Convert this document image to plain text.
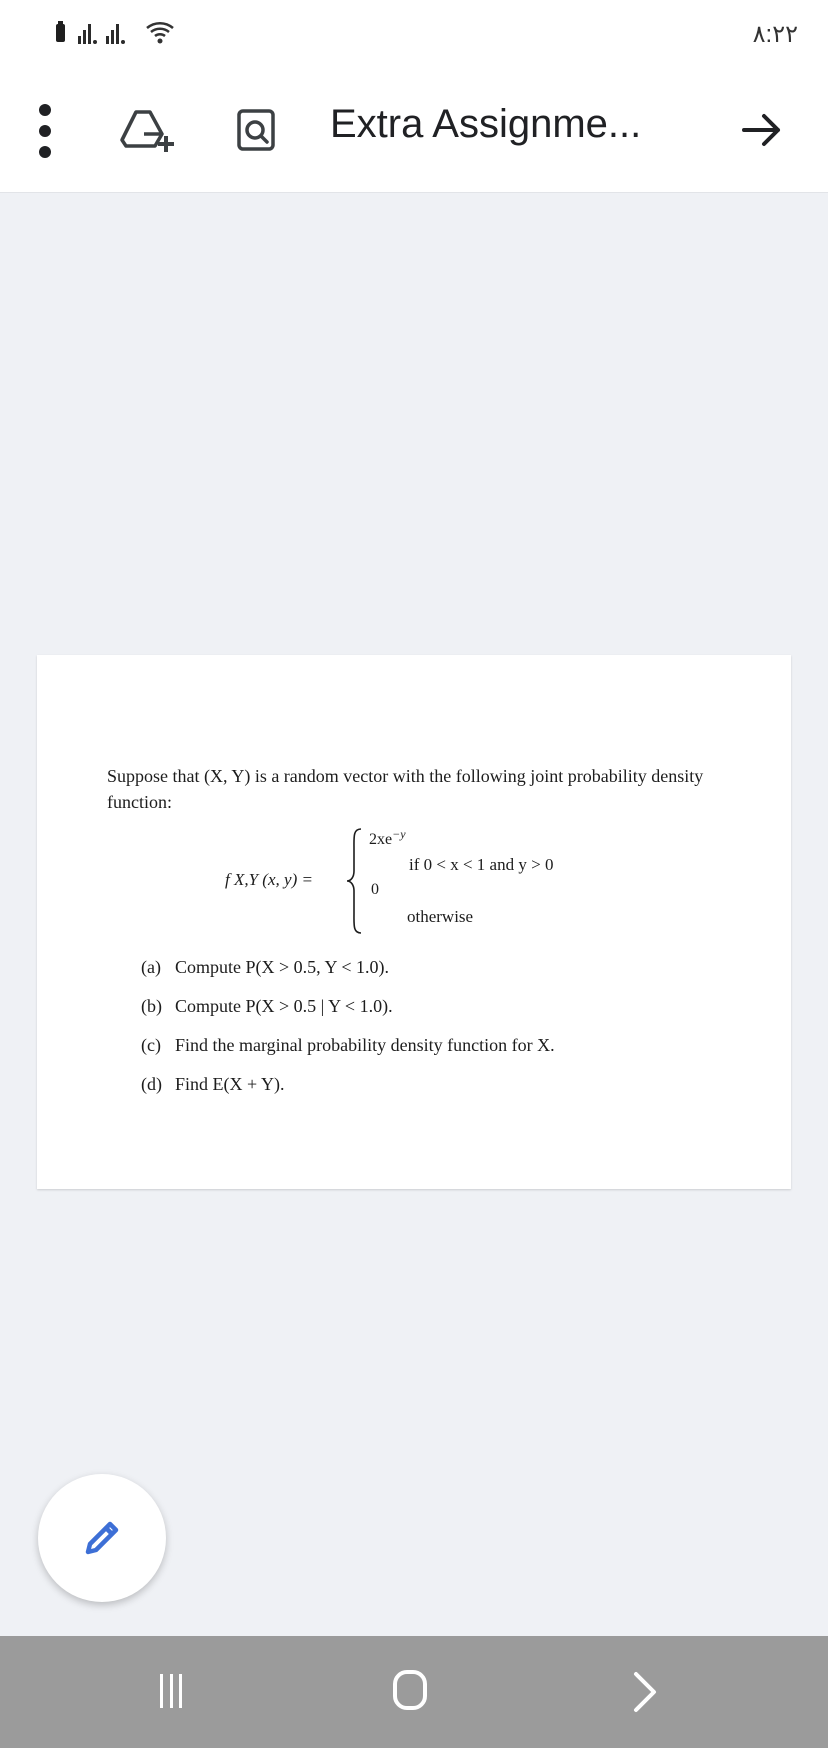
٨:٢٢
Extra Assignme...
Suppose that (X, Y) is a random vector with the following joint probability density function:
f X,Y (x, y) =
$2xe^{-y}$
if 0 < x < 1 and y > 0
0
otherwise
(a) Compute P(X > 0.5, Y < 1.0).
(b) Compute P(X > 0.5 | Y < 1.0).
(c) Find the marginal probability density function for X.
(d) Find E(X + Y).
